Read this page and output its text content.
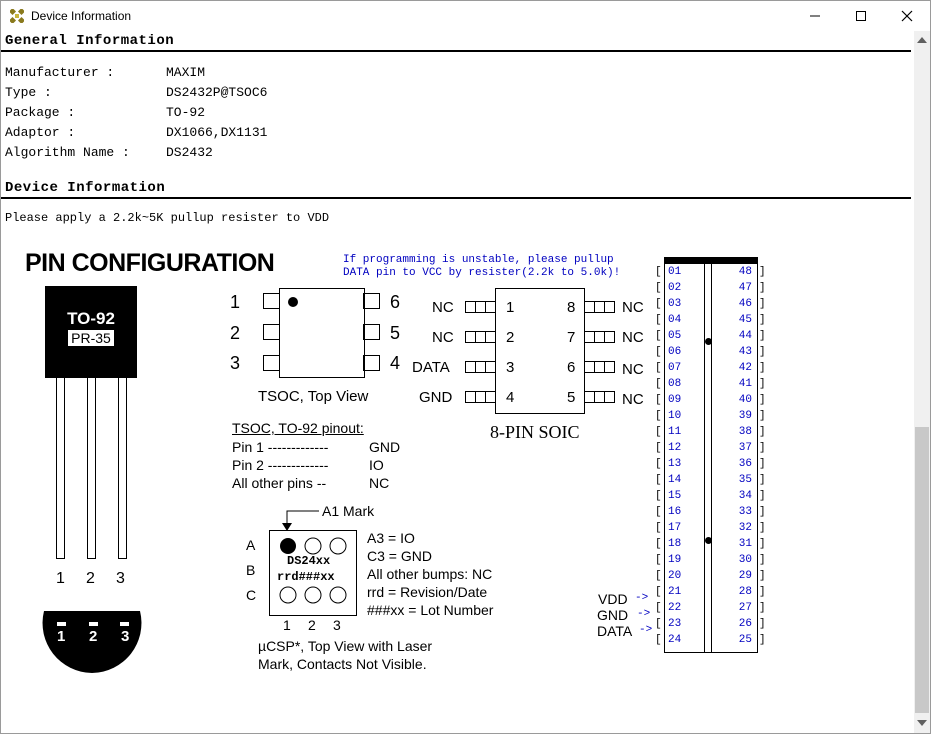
Device Information
General Information
Manufacturer :	MAXIM
Type :	DS2432P@TSOC6
Package :	TO-92
Adaptor :	DX1066,DX1131
Algorithm Name :	DS2432
Device Information
Please apply a 2.2k~5K pullup resister to VDD
PIN CONFIGURATION
TO-92
PR-35
1 2 3
1 2 3
1
2
3
6
5
4
TSOC, Top View
TSOC, TO-92 pinout:
Pin 1 -------------	GND
Pin 2 -------------	IO
All other pins --	NC
A1 Mark
DS24xx
rrd###xx
A
B
C
1 2 3
A3 = IO
C3 = GND
All other bumps: NC
rrd = Revision/Date
###xx = Lot Number
µCSP*, Top View with Laser
Mark, Contacts Not Visible.
If programming is unstable, please pullup
DATA pin to VCC by resister(2.2k to 5.0k)!
NC
NC
DATA
GND
1
2
3
4
8
7
6
5
NC
NC
NC
NC
8-PIN SOIC
[ 01	48 ]
[ 02	47 ]
[ 03	46 ]
[ 04	45 ]
[ 05	44 ]
[ 06	43 ]
[ 07	42 ]
[ 08	41 ]
[ 09	40 ]
[ 10	39 ]
[ 11	38 ]
[ 12	37 ]
[ 13	36 ]
[ 14	35 ]
[ 15	34 ]
[ 16	33 ]
[ 17	32 ]
[ 18	31 ]
[ 19	30 ]
[ 20	29 ]
[ 21	28 ]
[ 22	27 ]
[ 23	26 ]
[ 24	25 ]
VDD ->
GND ->
DATA ->
